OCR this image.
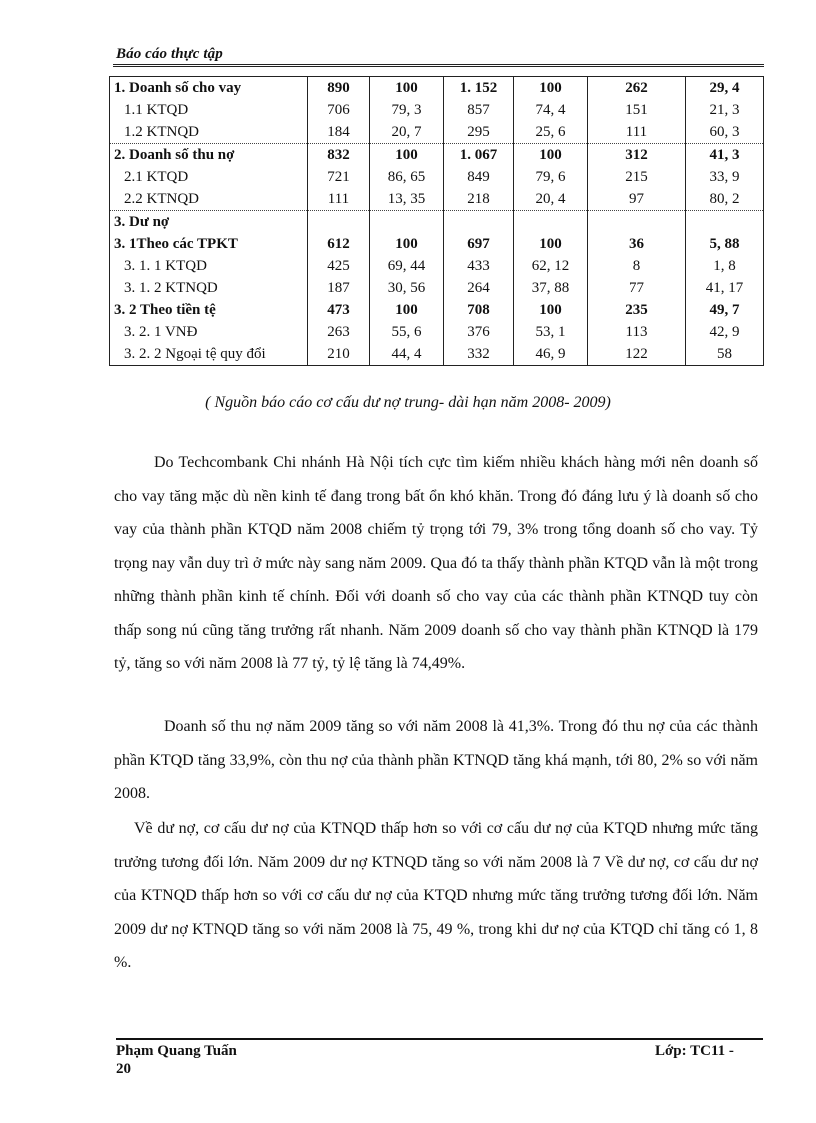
Báo cáo thực tập
1. Doanh số cho vay	890	100	1. 152	100	262	29, 4
1.1 KTQD	706	79, 3	857	74, 4	151	21, 3
1.2 KTNQD	184	20, 7	295	25, 6	111	60, 3
2. Doanh số thu nợ	832	100	1. 067	100	312	41, 3
2.1 KTQD	721	86, 65	849	79, 6	215	33, 9
2.2 KTNQD	111	13, 35	218	20, 4	97	80, 2
3. Dư nợ						
3. 1Theo các TPKT	612	100	697	100	36	5, 88
3. 1. 1 KTQD	425	69, 44	433	62, 12	8	1, 8
3. 1. 2 KTNQD	187	30, 56	264	37, 88	77	41, 17
3. 2 Theo tiền tệ	473	100	708	100	235	49, 7
3. 2. 1 VNĐ	263	55, 6	376	53, 1	113	42, 9
3. 2. 2 Ngoại tệ quy đổi	210	44, 4	332	46, 9	122	58
( Nguồn báo cáo cơ cấu dư nợ trung- dài hạn năm 2008- 2009)
Do Techcombank Chi nhánh Hà Nội tích cực tìm kiếm nhiều khách hàng mới nên doanh số cho vay tăng mặc dù nền kinh tế đang trong bất ổn khó khăn. Trong đó đáng lưu ý là doanh số cho vay của thành phần KTQD năm 2008 chiếm tỷ trọng tới 79, 3% trong tổng doanh số cho vay. Tỷ trọng nay vẫn duy trì ở mức này sang năm 2009. Qua đó ta thấy thành phần KTQD vẫn là một trong những thành phần kinh tế chính. Đối với doanh số cho vay của các thành phần KTNQD tuy còn thấp song nú cũng tăng trưởng rất nhanh. Năm 2009 doanh số cho vay thành phần KTNQD là 179 tỷ, tăng so với năm 2008 là 77 tỷ, tỷ lệ tăng là 74,49%.
Doanh số thu nợ năm 2009 tăng so với năm 2008 là 41,3%. Trong đó thu nợ của các thành phần KTQD tăng 33,9%, còn thu nợ của thành phần KTNQD tăng khá mạnh, tới 80, 2% so với năm 2008.
Về dư nợ, cơ cấu dư nợ của KTNQD thấp hơn so với cơ cấu dư nợ của KTQD nhưng mức tăng trưởng tương đối lớn. Năm 2009 dư nợ KTNQD tăng so với năm 2008 là 7 Về dư nợ, cơ cấu dư nợ của KTNQD thấp hơn so với cơ cấu dư nợ của KTQD nhưng mức tăng trưởng tương đối lớn. Năm 2009 dư nợ KTNQD tăng so với năm 2008 là 75, 49 %, trong khi dư nợ của KTQD chỉ tăng có 1, 8 %.
Phạm Quang Tuấn	Lớp: TC11 -
20
